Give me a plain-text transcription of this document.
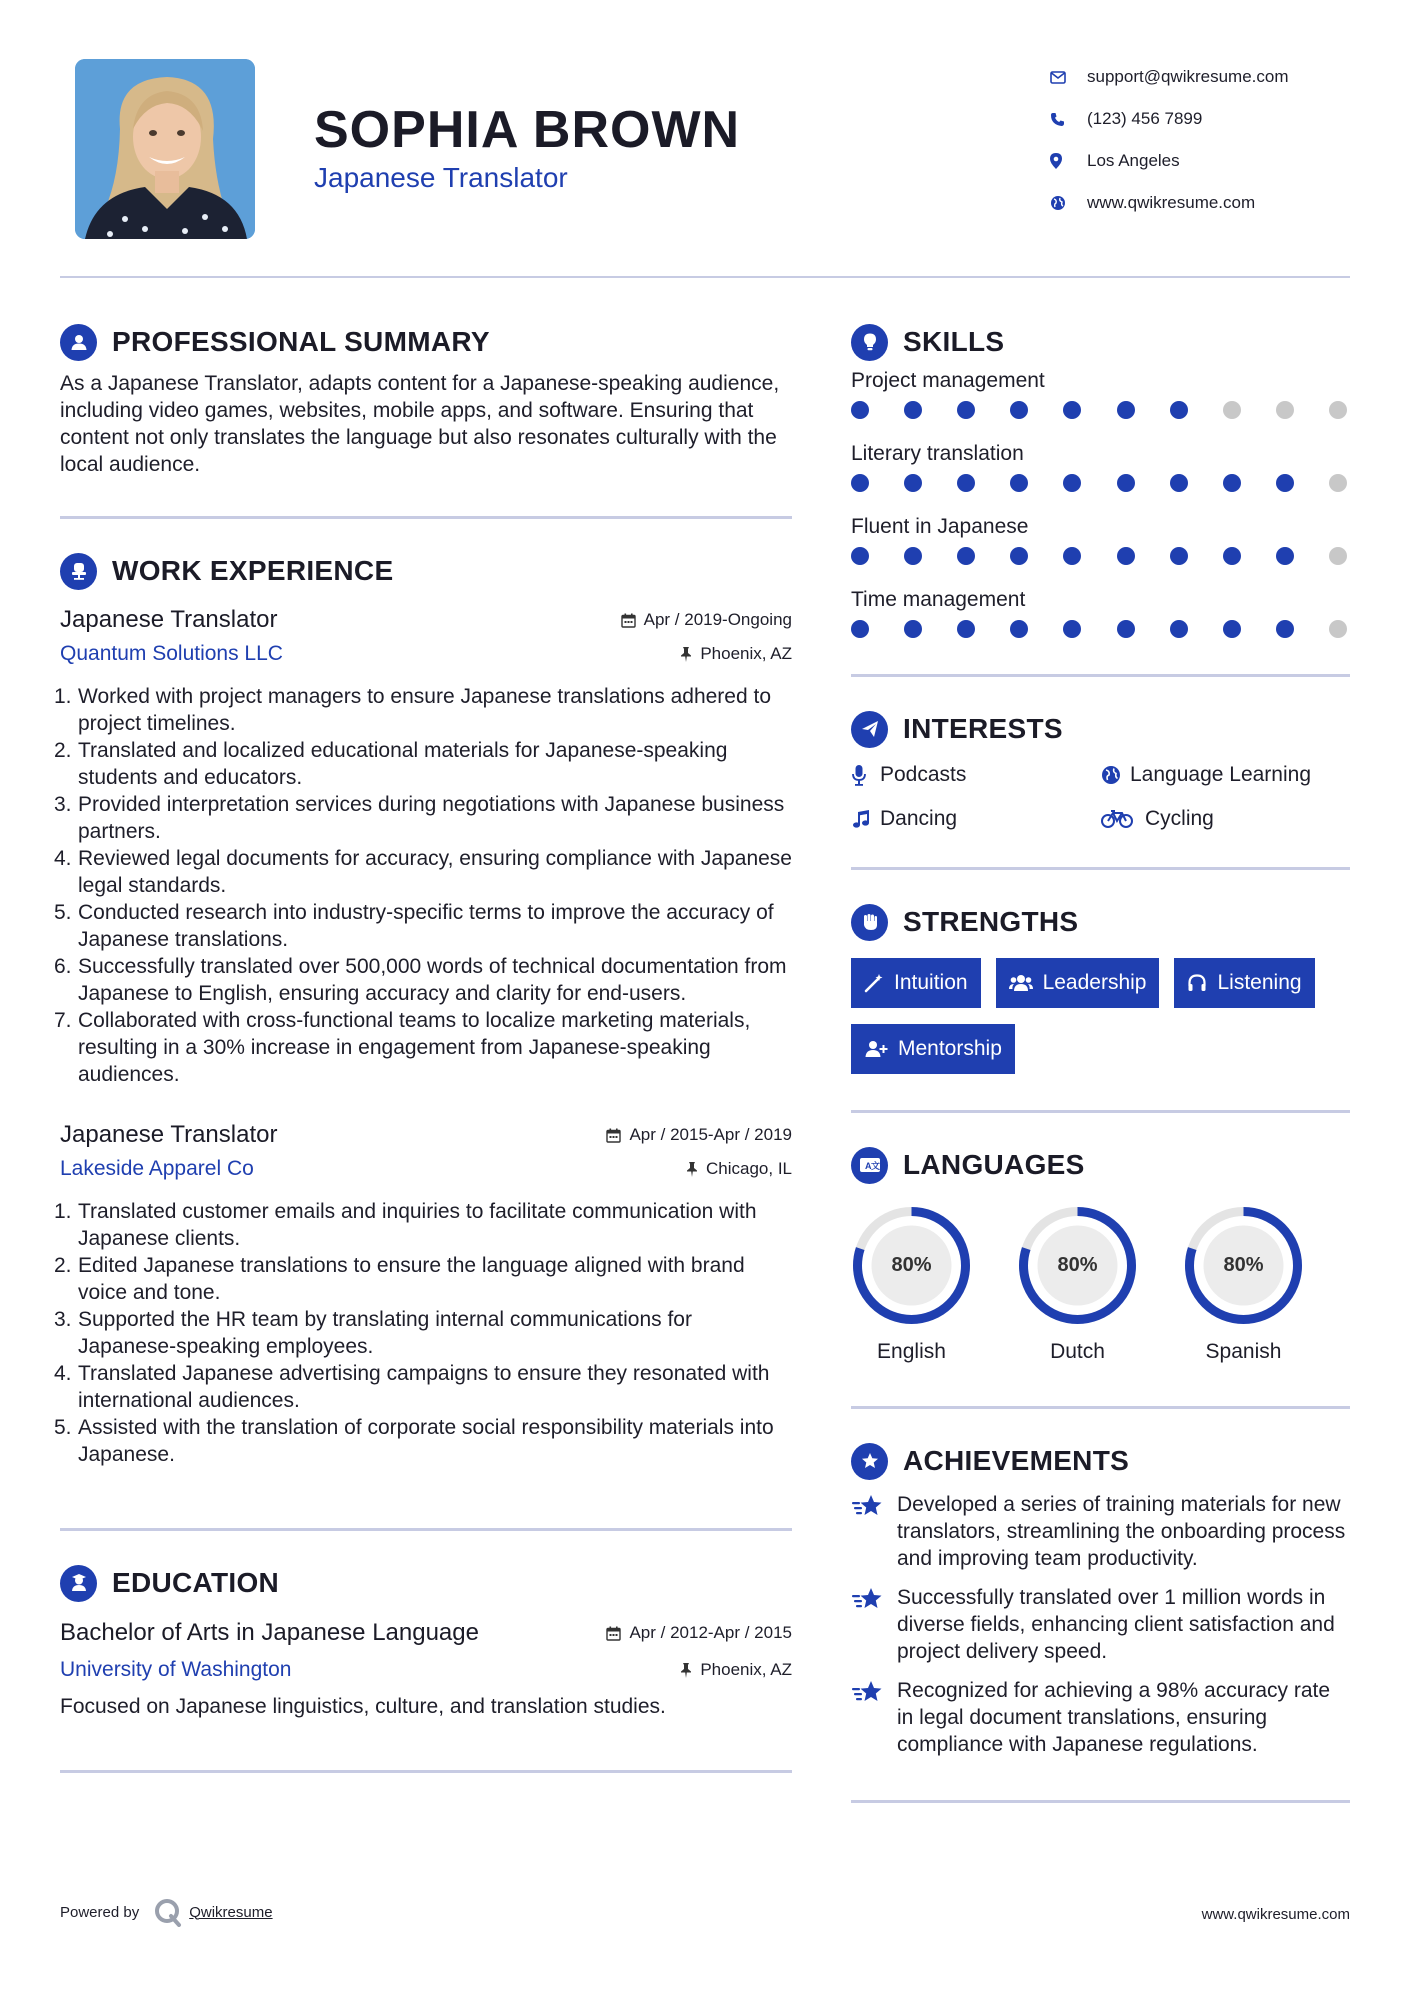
SOPHIA BROWN
Japanese Translator
support@qwikresume.com
(123) 456 7899
Los Angeles
www.qwikresume.com
PROFESSIONAL SUMMARY

As a Japanese Translator, adapts content for a Japanese-speaking audience, including video games, websites, mobile apps, and software. Ensuring that content not only translates the language but also resonates culturally with the local audience.

WORK EXPERIENCE
Japanese Translator	Apr / 2019-Ongoing
Quantum Solutions LLC	Phoenix, AZ
1. Worked with project managers to ensure Japanese translations adhered to project timelines.
2. Translated and localized educational materials for Japanese-speaking students and educators.
3. Provided interpretation services during negotiations with Japanese business partners.
4. Reviewed legal documents for accuracy, ensuring compliance with Japanese legal standards.
5. Conducted research into industry-specific terms to improve the accuracy of Japanese translations.
6. Successfully translated over 500,000 words of technical documentation from Japanese to English, ensuring accuracy and clarity for end-users.
7. Collaborated with cross-functional teams to localize marketing materials, resulting in a 30% increase in engagement from Japanese-speaking audiences.
Japanese Translator	Apr / 2015-Apr / 2019
Lakeside Apparel Co	Chicago, IL
1. Translated customer emails and inquiries to facilitate communication with Japanese clients.
2. Edited Japanese translations to ensure the language aligned with brand voice and tone.
3. Supported the HR team by translating internal communications for Japanese-speaking employees.
4. Translated Japanese advertising campaigns to ensure they resonated with international audiences.
5. Assisted with the translation of corporate social responsibility materials into Japanese.
EDUCATION
Bachelor of Arts in Japanese Language	Apr / 2012-Apr / 2015
University of Washington	Phoenix, AZ

Focused on Japanese linguistics, culture, and translation studies.

SKILLS
Project management
Literary translation
Fluent in Japanese
Time management
INTERESTS
Podcasts	Language Learning
Dancing	Cycling
STRENGTHS
Intuition	Leadership	Listening
Mentorship
A 文 LANGUAGES
80%
English
80%
Dutch
80%
Spanish
ACHIEVEMENTS
Developed a series of training materials for new translators, streamlining the onboarding process and improving team productivity.
Successfully translated over 1 million words in diverse fields, enhancing client satisfaction and project delivery speed.
Recognized for achieving a 98% accuracy rate in legal document translations, ensuring compliance with Japanese regulations.
Powered by	Qwikresume	www.qwikresume.com
